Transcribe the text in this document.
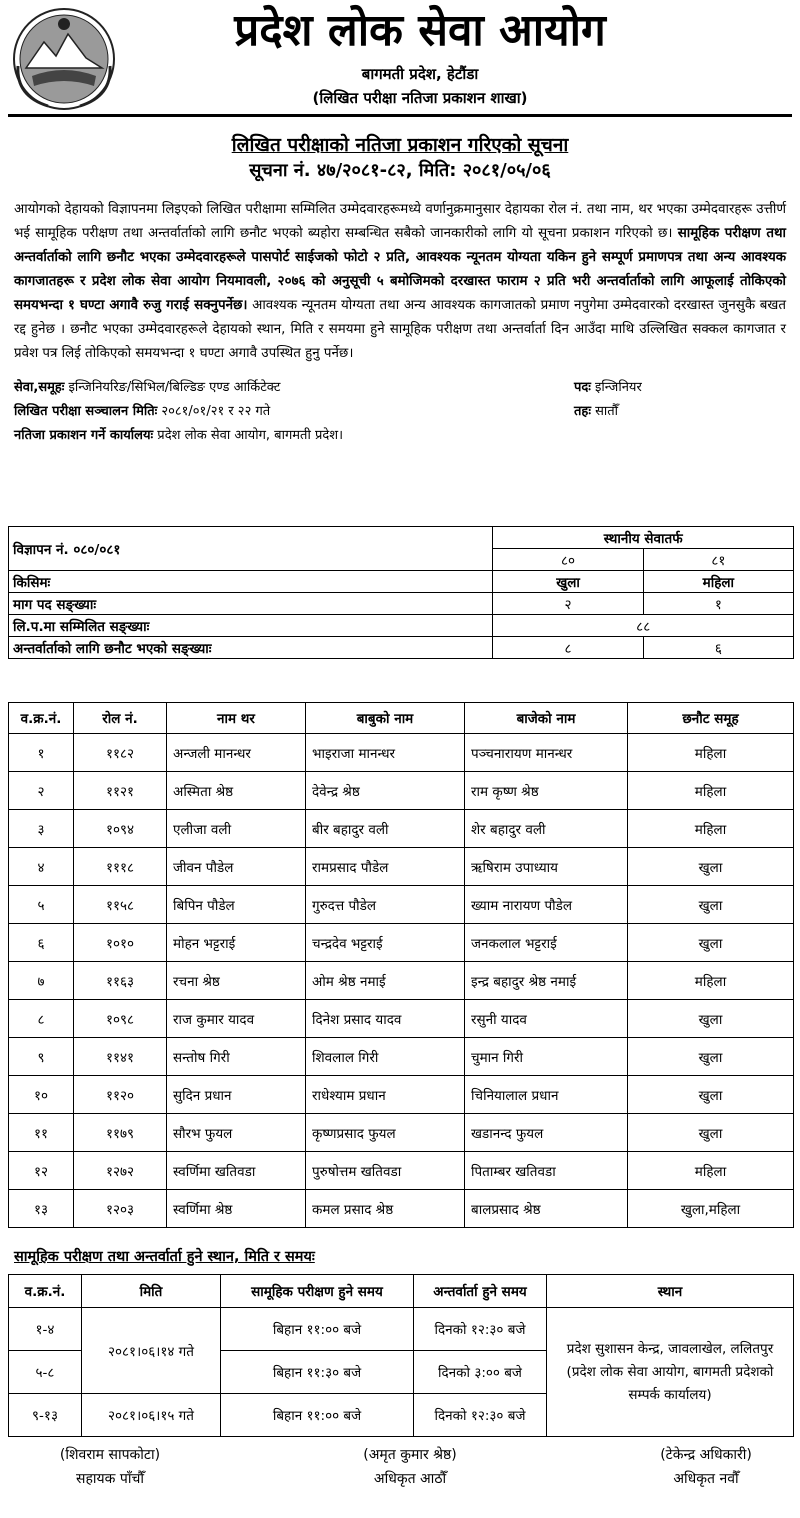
प्रदेश लोक सेवा आयोग
बागमती प्रदेश, हेटौंडा
(लिखित परीक्षा नतिजा प्रकाशन शाखा)
लिखित परीक्षाको नतिजा प्रकाशन गरिएको सूचना
सूचना नं. ४७/२०८१-८२, मिति: २०८१/०५/०६
आयोगको देहायको विज्ञापनमा लिइएको लिखित परीक्षामा सम्मिलित उम्मेदवारहरूमध्ये वर्णानुक्रमानुसार देहायका रोल नं. तथा नाम, थर भएका उम्मेदवारहरू उत्तीर्ण भई सामूहिक परीक्षण तथा अन्तर्वार्ताको लागि छनौट भएको ब्यहोरा सम्बन्धित सबैको जानकारीको लागि यो सूचना प्रकाशन गरिएको छ। सामूहिक परीक्षण तथा अन्तर्वार्ताको लागि छनौट भएका उम्मेदवारहरूले पासपोर्ट साईजको फोटो २ प्रति, आवश्यक न्यूनतम योग्यता यकिन हुने सम्पूर्ण प्रमाणपत्र तथा अन्य आवश्यक कागजातहरू र प्रदेश लोक सेवा आयोग नियमावली, २०७६ को अनुसूची ५ बमोजिमको दरखास्त फाराम २ प्रति भरी अन्तर्वार्ताको लागि आफूलाई तोकिएको समयभन्दा १ घण्टा अगावै रुजु गराई सक्नुपर्नेछ। आवश्यक न्यूनतम योग्यता तथा अन्य आवश्यक कागजातको प्रमाण नपुगेमा उम्मेदवारको दरखास्त जुनसुकै बखत रद्द हुनेछ । छनौट भएका उम्मेदवारहरूले देहायको स्थान, मिति र समयमा हुने सामूहिक परीक्षण तथा अन्तर्वार्ता दिन आउँदा माथि उल्लिखित सक्कल कागजात र प्रवेश पत्र लिई तोकिएको समयभन्दा १ घण्टा अगावै उपस्थित हुनु पर्नेछ।
सेवा,समूहः इन्जिनियरिङ/सिभिल/बिल्डिङ एण्ड आर्किटेक्ट	पदः इन्जिनियर
लिखित परीक्षा सञ्चालन मितिः २०८१/०१/२१ र २२ गते	तहः सातौँ
नतिजा प्रकाशन गर्ने कार्यालयः प्रदेश लोक सेवा आयोग, बागमती प्रदेश।
विज्ञापन नं. ०८०/०८१	स्थानीय सेवातर्फ	
	८०	८१
किसिमः	खुला	महिला
माग पद सङ्ख्याः	२	१
लि.प.मा सम्मिलित सङ्ख्याः	८८	
अन्तर्वार्ताको लागि छनौट भएको सङ्ख्याः	८	६
व.क्र.नं.	रोल नं.	नाम थर	बाबुको नाम	बाजेको नाम	छनौट समूह
१	११८२	अन्जली मानन्धर	भाइराजा मानन्धर	पञ्चनारायण मानन्धर	महिला
२	११२१	अस्मिता श्रेष्ठ	देवेन्द्र श्रेष्ठ	राम कृष्ण श्रेष्ठ	महिला
३	१०९४	एलीजा वली	बीर बहादुर वली	शेर बहादुर वली	महिला
४	१११८	जीवन पौडेल	रामप्रसाद पौडेल	ऋषिराम उपाध्याय	खुला
५	११५८	बिपिन पौडेल	गुरुदत्त पौडेल	ख्याम नारायण पौडेल	खुला
६	१०१०	मोहन भट्टराई	चन्द्रदेव भट्टराई	जनकलाल भट्टराई	खुला
७	११६३	रचना श्रेष्ठ	ओम श्रेष्ठ नमाई	इन्द्र बहादुर श्रेष्ठ नमाई	महिला
८	१०९८	राज कुमार यादव	दिनेश प्रसाद यादव	रसुनी यादव	खुला
९	११४१	सन्तोष गिरी	शिवलाल गिरी	चुमान गिरी	खुला
१०	११२०	सुदिन प्रधान	राधेश्याम प्रधान	चिनियालाल प्रधान	खुला
११	११७९	सौरभ फुयल	कृष्णप्रसाद फुयल	खडानन्द फुयल	खुला
१२	१२७२	स्वर्णिमा खतिवडा	पुरुषोत्तम खतिवडा	पिताम्बर खतिवडा	महिला
१३	१२०३	स्वर्णिमा श्रेष्ठ	कमल प्रसाद श्रेष्ठ	बालप्रसाद श्रेष्ठ	खुला,महिला
सामूहिक परीक्षण तथा अन्तर्वार्ता हुने स्थान, मिति र समयः
व.क्र.नं.	मिति	सामूहिक परीक्षण हुने समय	अन्तर्वार्ता हुने समय	स्थान
१-४	२०८१।०६।१४ गते	बिहान ११:०० बजे	दिनको १२:३० बजे	प्रदेश सुशासन केन्द्र, जावलाखेल, ललितपुर (प्रदेश लोक सेवा आयोग, बागमती प्रदेशको सम्पर्क कार्यालय)
५-८		बिहान ११:३० बजे	दिनको ३:०० बजे	
९-१३	२०८१।०६।१५ गते	बिहान ११:०० बजे	दिनको १२:३० बजे	
(शिवराम सापकोटा)
सहायक पाँचौँ
(अमृत कुमार श्रेष्ठ)
अधिकृत आठौँ
(टेकेन्द्र अधिकारी)
अधिकृत नवौँ
